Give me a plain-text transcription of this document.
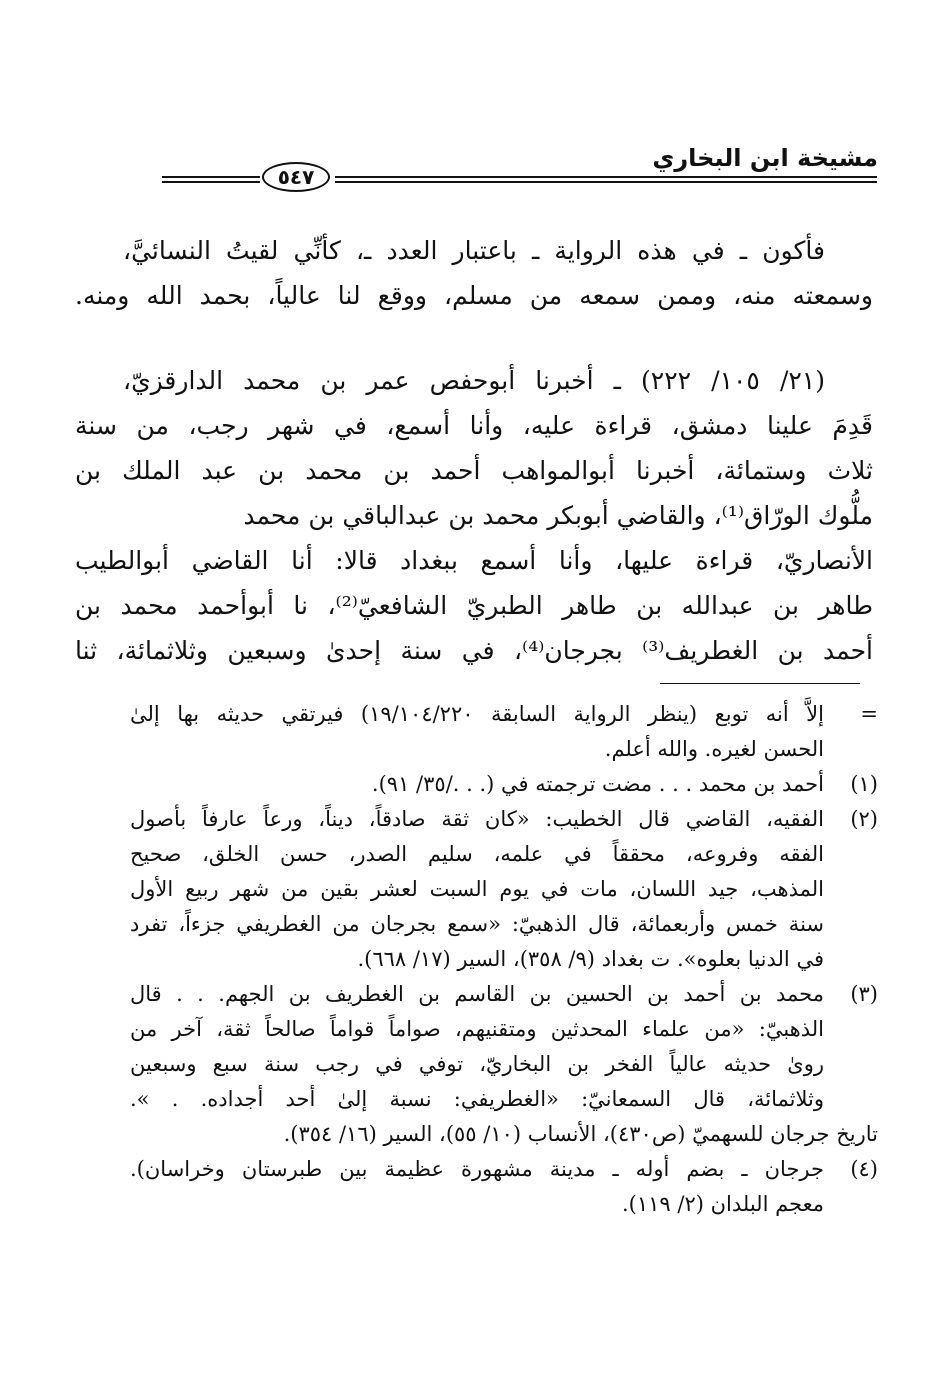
مشيخة ابن البخاري
٥٤٧

فأكون ـ في هذه الرواية ـ باعتبار العدد ـ، كأنِّي لقيتُ النسائيَّ،
وسمعته منه، وممن سمعه من مسلم، ووقع لنا عالياً، بحمد الله ومنه.

(٢١/ ١٠٥/ ٢٢٢) ـ أخبرنا أبوحفص عمر بن محمد الدارقزيّ،
قَدِمَ علينا دمشق، قراءة عليه، وأنا أسمع، في شهر رجب، من سنة
ثلاث وستمائة، أخبرنا أبوالمواهب أحمد بن محمد بن عبد الملك بن
ملُّوك الورّاق⁽¹⁾، والقاضي أبوبكر محمد بن عبدالباقي بن محمد
الأنصاريّ، قراءة عليها، وأنا أسمع ببغداد قالا: أنا القاضي أبوالطيب
طاهر بن عبدالله بن طاهر الطبريّ الشافعيّ⁽²⁾، نا أبوأحمد محمد بن
أحمد بن الغطريف⁽³⁾ بجرجان⁽⁴⁾، في سنة إحدىٰ وسبعين وثلاثمائة، ثنا

=
إلاَّ أنه توبع (ينظر الرواية السابقة ١٩/١٠٤/٢٢٠) فيرتقي حديثه بها إلىٰ
الحسن لغيره. والله أعلم.
(١)
أحمد بن محمد . . . مضت ترجمته في (. . ./٣٥/ ٩١).
(٢)
الفقيه، القاضي قال الخطيب: «كان ثقة صادقاً، ديناً، ورعاً عارفاً بأصول
الفقه وفروعه، محققاً في علمه، سليم الصدر، حسن الخلق، صحيح
المذهب، جيد اللسان، مات في يوم السبت لعشر بقين من شهر ربيع الأول
سنة خمس وأربعمائة، قال الذهبيّ: «سمع بجرجان من الغطريفي جزءاً، تفرد
في الدنيا بعلوه». ت بغداد (٩/ ٣٥٨)، السير (١٧/ ٦٦٨).
(٣)
محمد بن أحمد بن الحسين بن القاسم بن الغطريف بن الجهم. . . قال
الذهبيّ: «من علماء المحدثين ومتقنيهم، صواماً قواماً صالحاً ثقة، آخر من
روىٰ حديثه عالياً الفخر بن البخاريّ، توفي في رجب سنة سبع وسبعين
وثلاثمائة، قال السمعانيّ: «الغطريفي: نسبة إلىٰ أحد أجداده. . ».
تاريخ جرجان للسهميّ (ص٤٣٠)، الأنساب (١٠/ ٥٥)، السير (١٦/ ٣٥٤).
(٤)
جرجان ـ بضم أوله ـ مدينة مشهورة عظيمة بين طبرستان وخراسان).
معجم البلدان (٢/ ١١٩).
